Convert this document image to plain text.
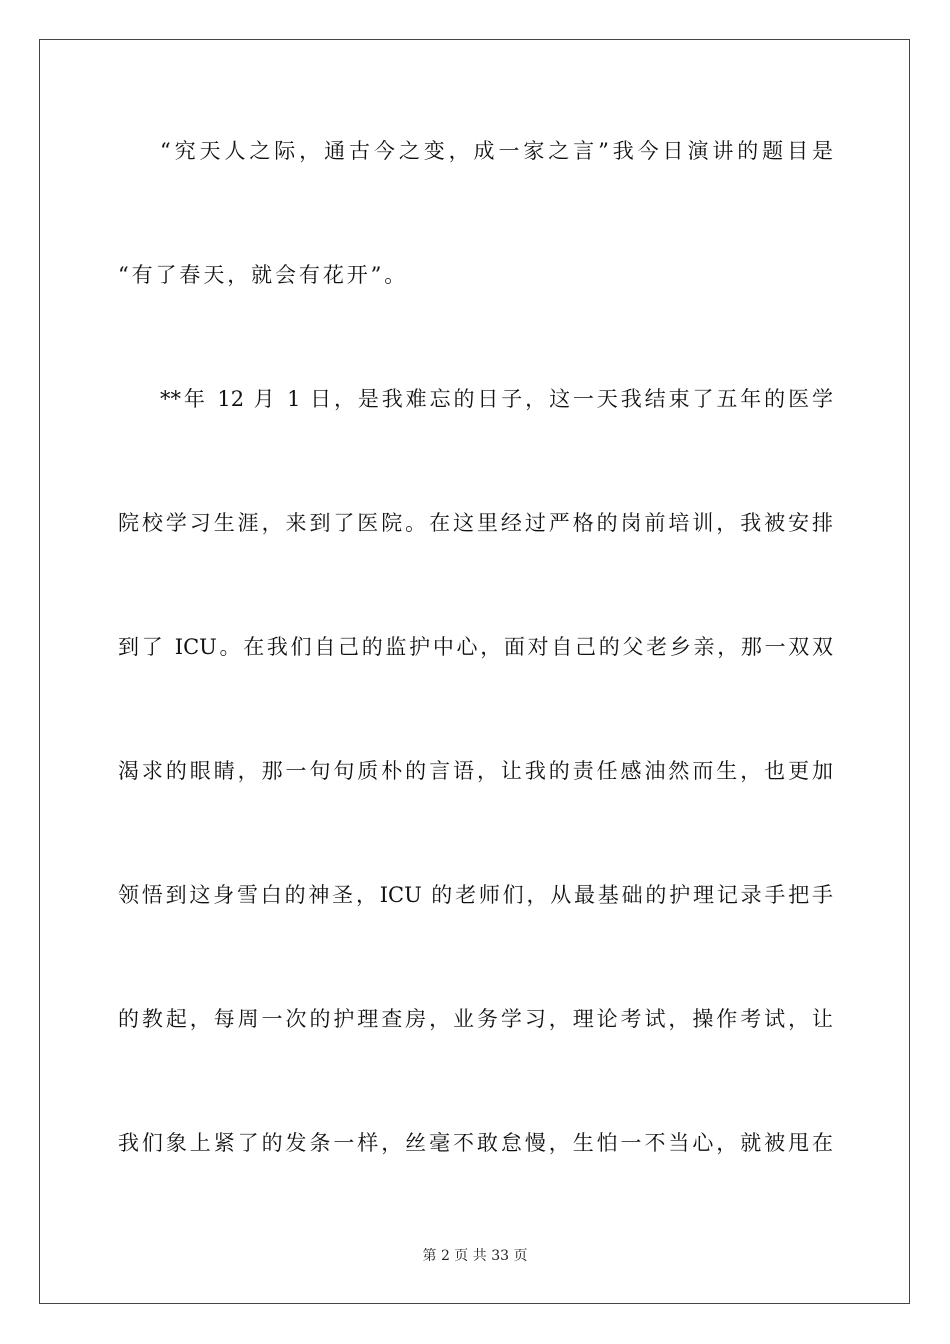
“究天人之际，通古今之变，成一家之言”我今日演讲的题目是
“有了春天，就会有花开”。
**年 12 月 1 日，是我难忘的日子，这一天我结束了五年的医学
院校学习生涯，来到了医院。在这里经过严格的岗前培训，我被安排
到了 ICU。在我们自己的监护中心，面对自己的父老乡亲，那一双双
渴求的眼睛，那一句句质朴的言语，让我的责任感油然而生，也更加
领悟到这身雪白的神圣，ICU 的老师们，从最基础的护理记录手把手
的教起，每周一次的护理查房，业务学习，理论考试，操作考试，让
我们象上紧了的发条一样，丝毫不敢怠慢，生怕一不当心，就被甩在
第 2 页 共 33 页
